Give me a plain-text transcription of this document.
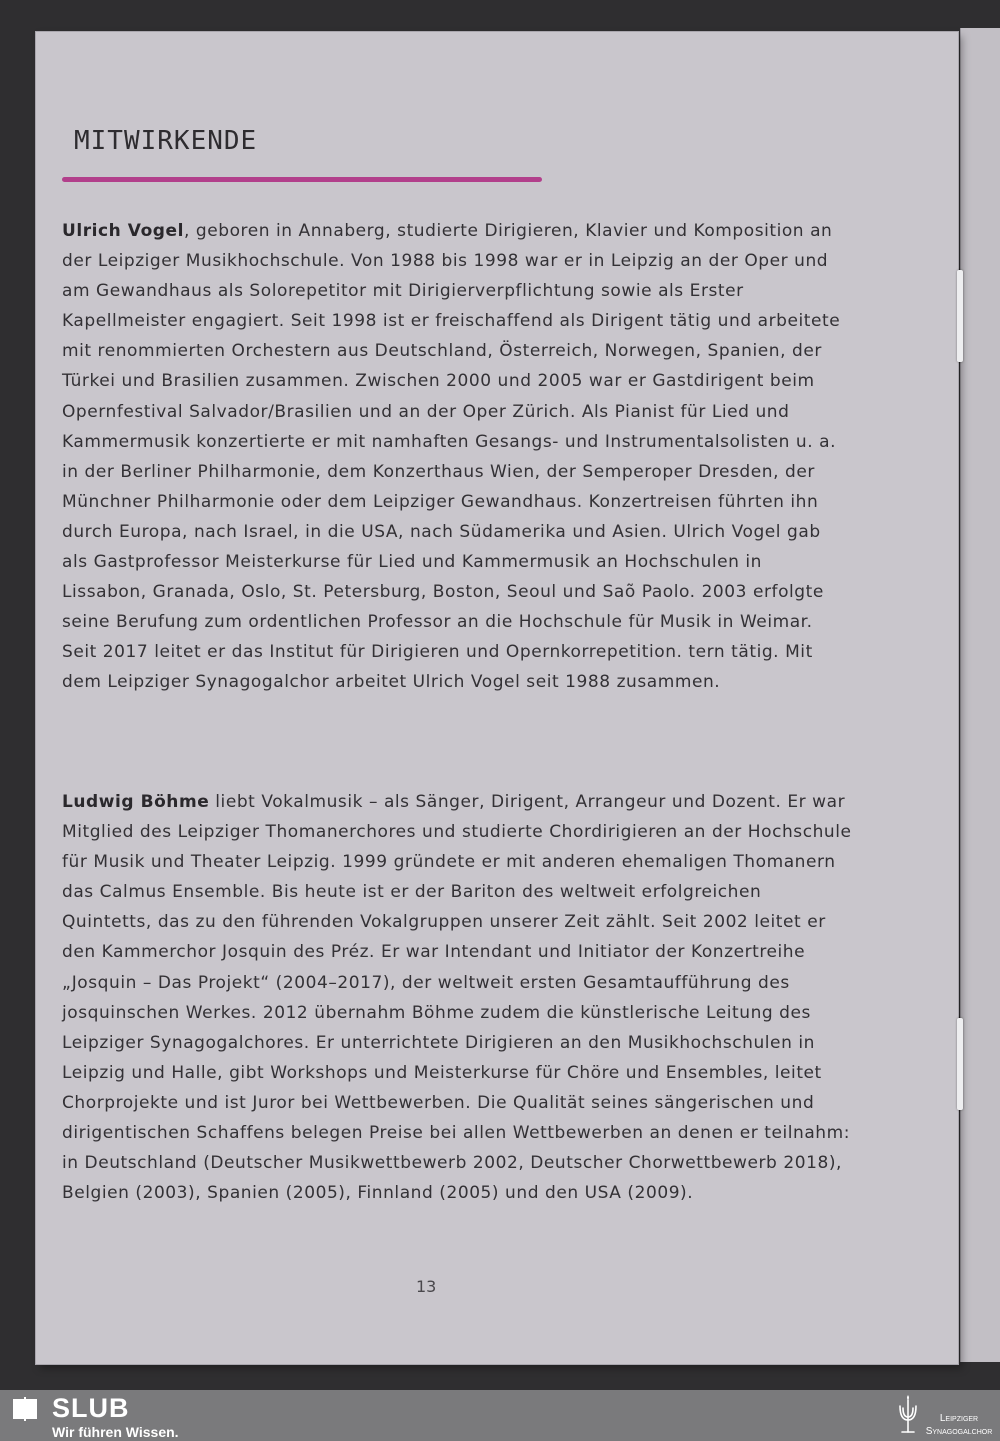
MITWIRKENDE

Ulrich Vogel, geboren in Annaberg, studierte Dirigieren, Klavier und Komposition an der Leipziger Musikhochschule. Von 1988 bis 1998 war er in Leipzig an der Oper und am Gewandhaus als Solorepetitor mit Dirigierverpflichtung sowie als Erster Kapellmeister engagiert. Seit 1998 ist er freischaffend als Dirigent tätig und arbeitete mit renommierten Orchestern aus Deutschland, Österreich, Norwegen, Spanien, der Türkei und Brasilien zusammen. Zwischen 2000 und 2005 war er Gastdirigent beim Opernfestival Salvador/Brasilien und an der Oper Zürich. Als Pianist für Lied und Kammermusik konzertierte er mit namhaften Gesangs- und Instrumentalsolisten u. a. in der Berliner Philharmonie, dem Konzerthaus Wien, der Semperoper Dresden, der Münchner Philharmonie oder dem Leipziger Gewandhaus. Konzertreisen führten ihn durch Europa, nach Israel, in die USA, nach Südamerika und Asien. Ulrich Vogel gab als Gastprofessor Meisterkurse für Lied und Kammermusik an Hochschulen in Lissabon, Granada, Oslo, St. Petersburg, Boston, Seoul und Saõ Paolo. 2003 erfolgte seine Berufung zum ordentlichen Professor an die Hochschule für Musik in Weimar. Seit 2017 leitet er das Institut für Dirigieren und Opernkorrepetition. tern tätig. Mit dem Leipziger Synagogalchor arbeitet Ulrich Vogel seit 1988 zusammen.

Ludwig Böhme liebt Vokalmusik – als Sänger, Dirigent, Arrangeur und Dozent. Er war Mitglied des Leipziger Thomanerchores und studierte Chordirigieren an der Hochschule für Musik und Theater Leipzig. 1999 gründete er mit anderen ehemaligen Thomanern das Calmus Ensemble. Bis heute ist er der Bariton des weltweit erfolgreichen Quintetts, das zu den führenden Vokalgruppen unserer Zeit zählt. Seit 2002 leitet er den Kammerchor Josquin des Préz. Er war Intendant und Initiator der Konzertreihe „Josquin – Das Projekt“ (2004–2017), der weltweit ersten Gesamtaufführung des josquinschen Werkes. 2012 übernahm Böhme zudem die künstlerische Leitung des Leipziger Synagogalchores. Er unterrichtete Dirigieren an den Musikhochschulen in Leipzig und Halle, gibt Workshops und Meisterkurse für Chöre und Ensembles, leitet Chorprojekte und ist Juror bei Wettbewerben. Die Qualität seines sängerischen und dirigentischen Schaffens belegen Preise bei allen Wettbewerben an denen er teilnahm: in Deutschland (Deutscher Musikwettbewerb 2002, Deutscher Chorwettbewerb 2018), Belgien (2003), Spanien (2005), Finnland (2005) und den USA (2009).

13
SLUB
Wir führen Wissen.
Leipziger
Synagogalchor
